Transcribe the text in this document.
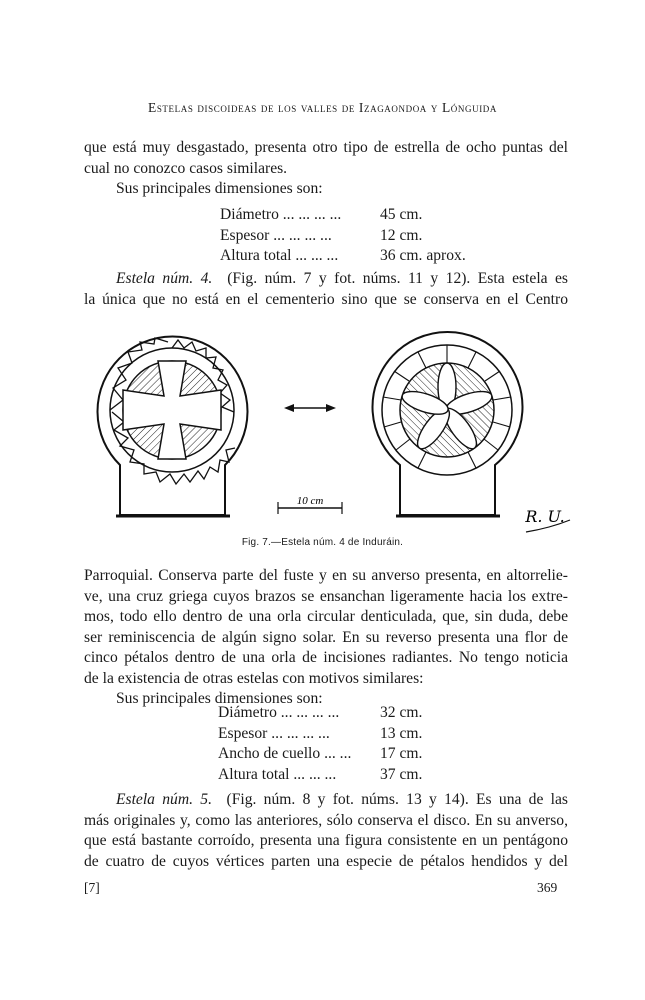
Estelas discoideas de los valles de Izagaondoa y Lónguida

que está muy desgastado, presenta otro tipo de estrella de ocho puntas del
cual no conozco casos similares.

Sus principales dimensiones son:

Diámetro ... ... ... ... 45 cm.
Espesor ... ... ... ...	12 cm.
Altura total ... ... ...	36 cm. aprox.

Estela núm. 4. (Fig. núm. 7 y fot. núms. 11 y 12). Esta estela es
la única que no está en el cementerio sino que se conserva en el Centro

10 cm
R. U.
Fig. 7.—Estela núm. 4 de Induráin.

Parroquial. Conserva parte del fuste y en su anverso presenta, en altorrelie-
ve, una cruz griega cuyos brazos se ensanchan ligeramente hacia los extre-
mos, todo ello dentro de una orla circular denticulada, que, sin duda, debe
ser reminiscencia de algún signo solar. En su reverso presenta una flor de
cinco pétalos dentro de una orla de incisiones radiantes. No tengo noticia
de la existencia de otras estelas con motivos similares:

Sus principales dimensiones son:

Diámetro ... ... ... ...	32 cm.
Espesor ... ... ... ...	13 cm.
Ancho de cuello ... ... 17 cm.
Altura total ... ... ...	37 cm.

Estela núm. 5. (Fig. núm. 8 y fot. núms. 13 y 14). Es una de las
más originales y, como las anteriores, sólo conserva el disco. En su anverso,
que está bastante corroído, presenta una figura consistente en un pentágono
de cuatro de cuyos vértices parten una especie de pétalos hendidos y del

[7]	369
